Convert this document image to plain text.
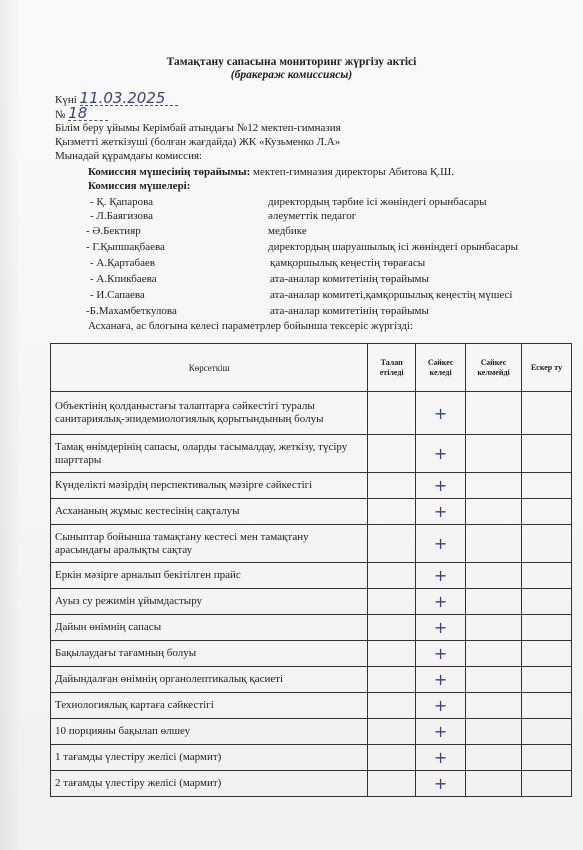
Тамақтану сапасына мониторинг жүргізу актісі
(бракераж комиссиясы)
Күні 11.03.2025
№ 18
Білім беру ұйымы Керімбай атындағы №12 мектеп-гимназия
Қызметті жеткізуші (болған жағдайда) ЖК «Кузьменко Л.А»
Мынадай құрамдағы комиссия:
Комиссия мүшесінің төрайымы: мектеп-гимназия директоры Абитова Қ.Ш.
Комиссия мүшелері:
- Қ. Қапарова	директордың тәрбие ісі жөніндегі орынбасары
- Л.Баягизова	әлеуметтік педагог
- Ә.Бектияр	медбике
- Г.Қыпшақбаева	директордың шаруашылық ісі жөніндегі орынбасары
- А.Қартабаев	қамқоршылық кеңестің төрағасы
- А.Кпикбаева	ата-аналар комитетінің төрайымы
- И.Сапаева	ата-аналар комитеті,қамқоршылық кеңестің мүшесі
-Б.Махамбеткулова	ата-аналар комитетінің төрайымы
Асханаға, ас блогына келесі параметрлер бойынша тексеріс жүргізді:
Көрсеткіш	Талап етіледі	Сәйкес келеді	Сәйкес келмейді	Ескер ту
Объектінің қолданыстағы талаптарға сәйкестігі туралы санитариялық-эпидемиологиялық қорытындының болуы		+		

Тамақ өнімдерінің сапасы, оларды тасымалдау, жеткізу, түсіру шарттары		+		

Күнделікті мәзірдің перспективалық мәзірге сәйкестігі		+		

Асхананың жұмыс кестесінің сақталуы		+		

Сыныптар бойынша тамақтану кестесі мен тамақтану арасындағы аралықты сақтау		+		

Еркін мәзірге арналып бекітілген прайс		+		

Ауыз су режимін ұйымдастыру		+		

Дайын өнімнің сапасы		+		

Бақылаудағы тағамның болуы		+		

Дайындалған өнімнің органолептикалық қасиеті		+		

Технологиялық картаға сәйкестігі		+		

10 порцияны бақылап өлшеу		+		

1 тағамды үлестіру желісі (мармит)		+		

2 тағамды үлестіру желісі (мармит)		+		
